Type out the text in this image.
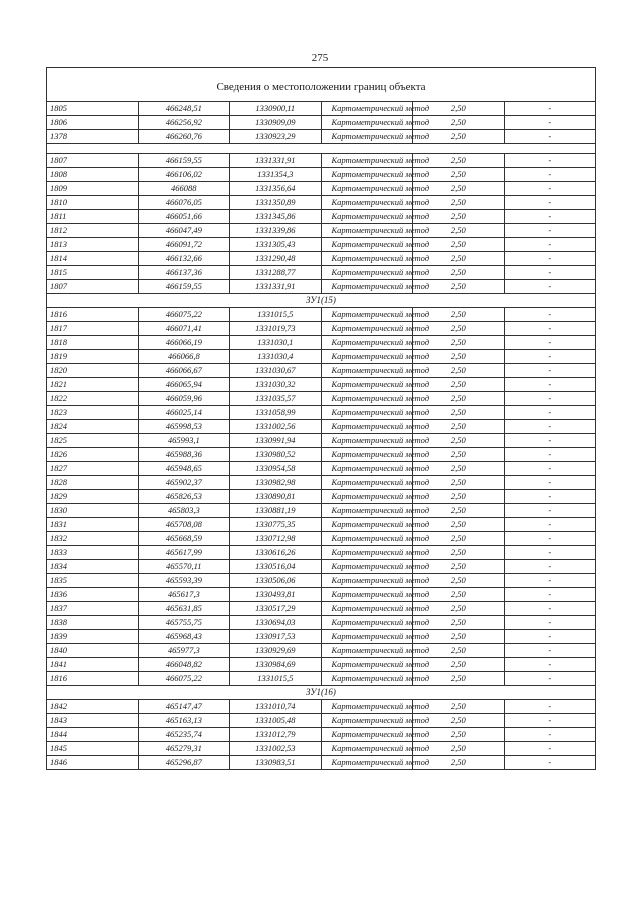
275
Сведения о местоположении границ объекта					
1805	466248,51	1330900,11	Картометрический метод	2,50	-
1806	466256,92	1330909,09	Картометрический метод	2,50	-
1378	466260,76	1330923,29	Картометрический метод	2,50	-

1807	466159,55	1331331,91	Картометрический метод	2,50	-
1808	466106,02	1331354,3	Картометрический метод	2,50	-
1809	466088	1331356,64	Картометрический метод	2,50	-
1810	466076,05	1331350,89	Картометрический метод	2,50	-
1811	466051,66	1331345,86	Картометрический метод	2,50	-
1812	466047,49	1331339,86	Картометрический метод	2,50	-
1813	466091,72	1331305,43	Картометрический метод	2,50	-
1814	466132,66	1331290,48	Картометрический метод	2,50	-
1815	466137,36	1331288,77	Картометрический метод	2,50	-
1807	466159,55	1331331,91	Картометрический метод	2,50	-
ЗУ1(15)					
1816	466075,22	1331015,5	Картометрический метод	2,50	-
1817	466071,41	1331019,73	Картометрический метод	2,50	-
1818	466066,19	1331030,1	Картометрический метод	2,50	-
1819	466066,8	1331030,4	Картометрический метод	2,50	-
1820	466066,67	1331030,67	Картометрический метод	2,50	-
1821	466065,94	1331030,32	Картометрический метод	2,50	-
1822	466059,96	1331035,57	Картометрический метод	2,50	-
1823	466025,14	1331058,99	Картометрический метод	2,50	-
1824	465998,53	1331002,56	Картометрический метод	2,50	-
1825	465993,1	1330991,94	Картометрический метод	2,50	-
1826	465988,36	1330980,52	Картометрический метод	2,50	-
1827	465948,65	1330954,58	Картометрический метод	2,50	-
1828	465902,37	1330982,98	Картометрический метод	2,50	-
1829	465826,53	1330890,81	Картометрический метод	2,50	-
1830	465803,3	1330881,19	Картометрический метод	2,50	-
1831	465708,08	1330775,35	Картометрический метод	2,50	-
1832	465668,59	1330712,98	Картометрический метод	2,50	-
1833	465617,99	1330616,26	Картометрический метод	2,50	-
1834	465570,11	1330516,04	Картометрический метод	2,50	-
1835	465593,39	1330506,06	Картометрический метод	2,50	-
1836	465617,3	1330493,81	Картометрический метод	2,50	-
1837	465631,85	1330517,29	Картометрический метод	2,50	-
1838	465755,75	1330694,03	Картометрический метод	2,50	-
1839	465968,43	1330917,53	Картометрический метод	2,50	-
1840	465977,3	1330929,69	Картометрический метод	2,50	-
1841	466048,82	1330984,69	Картометрический метод	2,50	-
1816	466075,22	1331015,5	Картометрический метод	2,50	-
ЗУ1(16)					
1842	465147,47	1331010,74	Картометрический метод	2,50	-
1843	465163,13	1331005,48	Картометрический метод	2,50	-
1844	465235,74	1331012,79	Картометрический метод	2,50	-
1845	465279,31	1331002,53	Картометрический метод	2,50	-
1846	465296,87	1330983,51	Картометрический метод	2,50	-
